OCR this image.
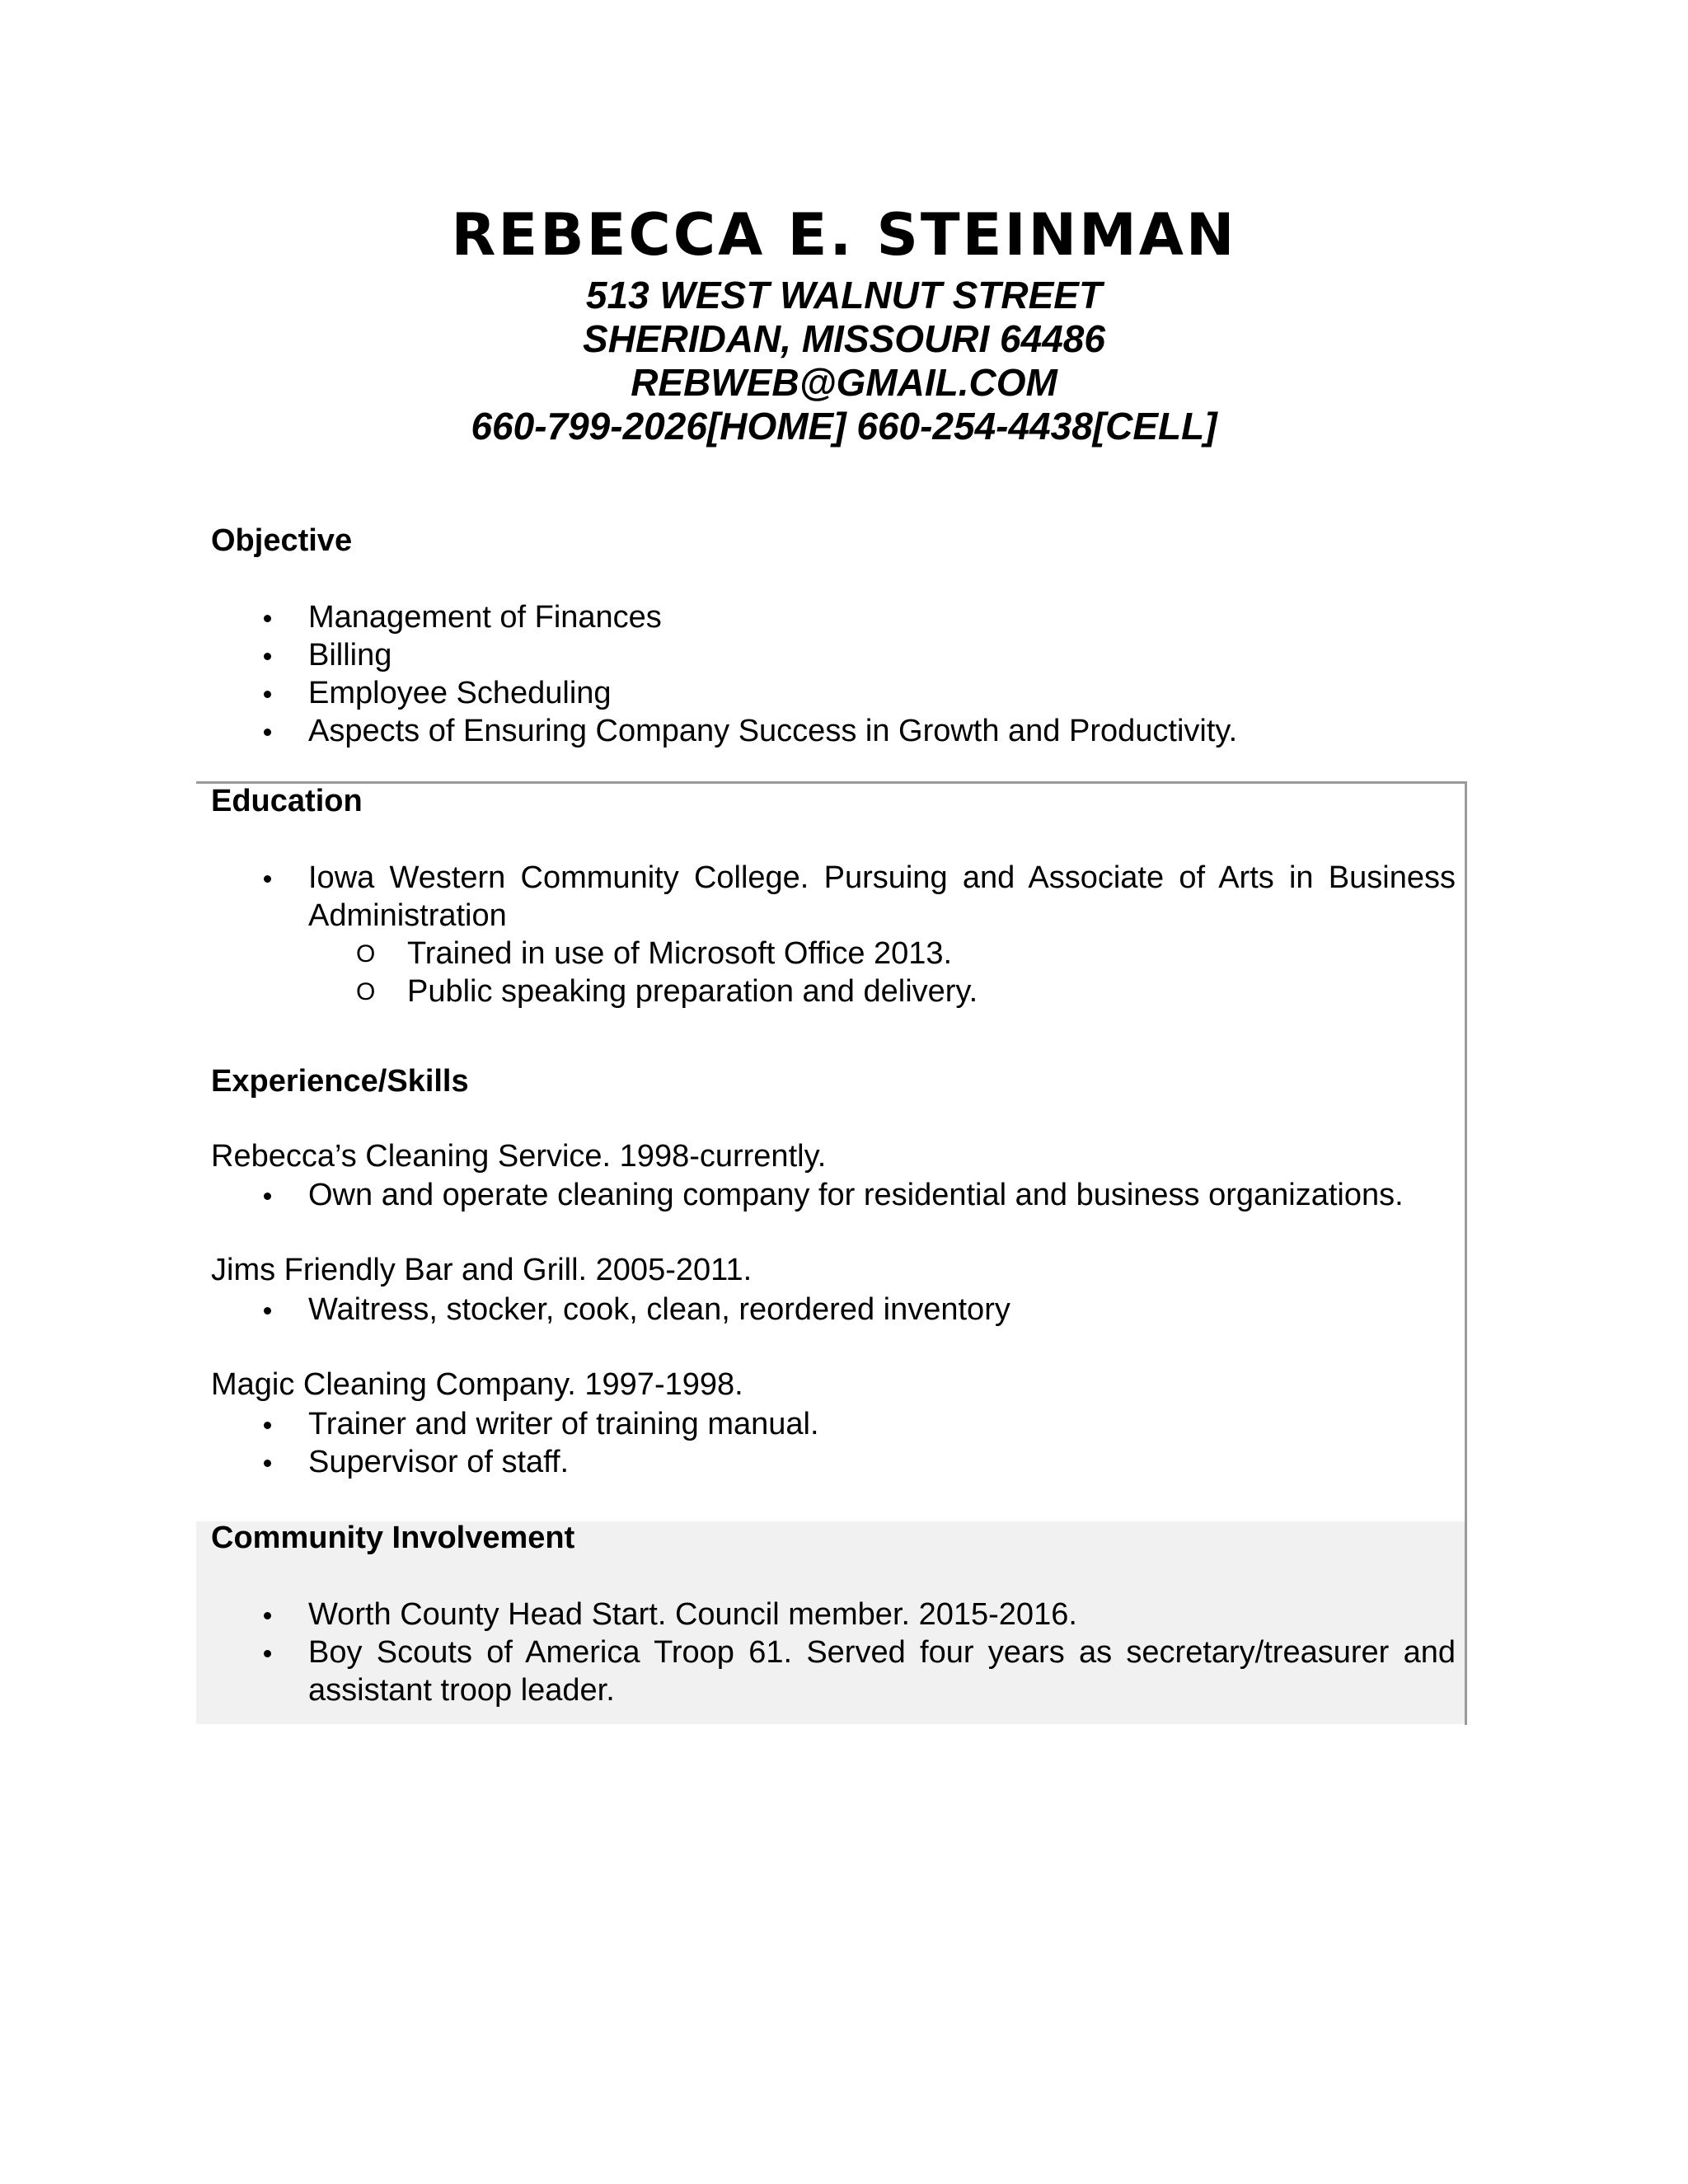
REBECCA E. STEINMAN

513 WEST WALNUT STREET

SHERIDAN, MISSOURI 64486

REBWEB@GMAIL.COM

660-799-2026[HOME] 660-254-4438[CELL]

Objective

Management of Finances
Billing
Employee Scheduling
Aspects of Ensuring Company Success in Growth and Productivity.

Education

Iowa Western Community College. Pursuing and Associate of Arts in Business Administration
O Trained in use of Microsoft Office 2013.
O Public speaking preparation and delivery.

Experience/Skills

Rebecca’s Cleaning Service. 1998-currently.

Own and operate cleaning company for residential and business organizations.

Jims Friendly Bar and Grill. 2005-2011.

Waitress, stocker, cook, clean, reordered inventory

Magic Cleaning Company. 1997-1998.

Trainer and writer of training manual.
Supervisor of staff.

Community Involvement

Worth County Head Start. Council member. 2015-2016.
Boy Scouts of America Troop 61. Served four years as secretary/treasurer and assistant troop leader.
